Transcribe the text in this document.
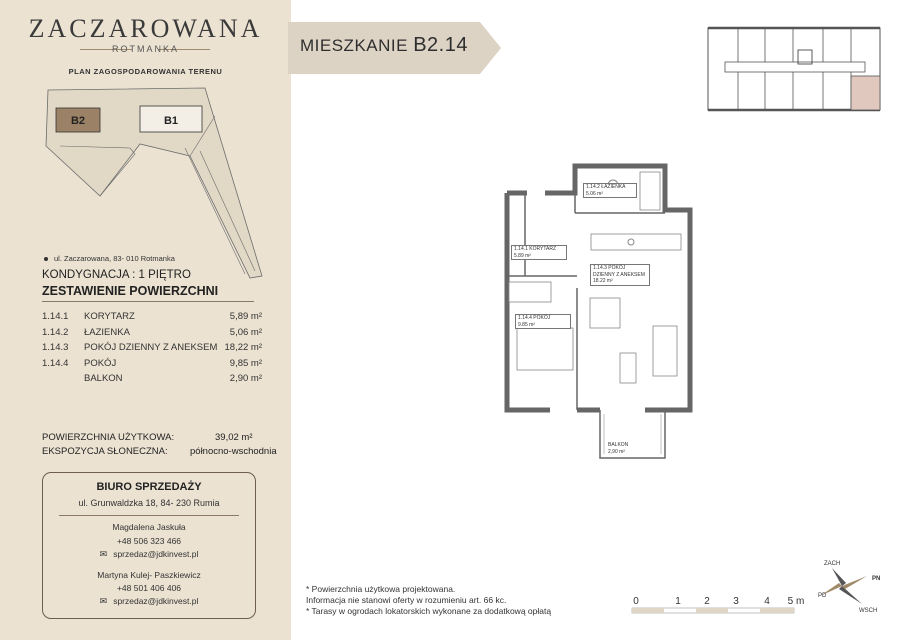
ZACZAROWANA
ROTMANKA
PLAN ZAGOSPODAROWANIA TERENU
B2	B1
ul. Zaczarowana, 83- 010 Rotmanka
KONDYGNACJA : 1 PIĘTRO
ZESTAWIENIE POWIERZCHNI
1.14.1 KORYTARZ	5,89 m²
1.14.2 ŁAZIENKA	5,06 m²
1.14.3 POKÓJ DZIENNY Z ANEKSEM 18,22 m²
1.14.4 POKÓJ	9,85 m²
BALKON	2,90 m²
POWIERZCHNIA UŻYTKOWA:	39,02 m²
EKSPOZYCJA SŁONECZNA: północno-wschodnia
BIURO SPRZEDAŻY
ul. Grunwaldzka 18, 84- 230 Rumia
Magdalena Jaskuła
+48 506 323 466
✉ sprzedaz@jdkinvest.pl
Martyna Kulej- Paszkiewicz
+48 501 406 406
✉ sprzedaz@jdkinvest.pl
MIESZKANIE B2.14
1.14.2 ŁAZIENKA
5.06 m²
1.14.1 KORYTARZ
5.89 m²
1.14.3 POKÓJ DZIENNY Z ANEKSEM
18.22 m²
1.14.4 POKÓJ
9.85 m²
BALKON
2,90 m²
* Powierzchnia użytkowa projektowana.
Informacja nie stanowi oferty w rozumieniu art. 66 kc.
* Tarasy w ogrodach lokatorskich wykonane za dodatkową opłatą
0	1 2 3	4 5 m
ZACH
PN
WSCH
PD
